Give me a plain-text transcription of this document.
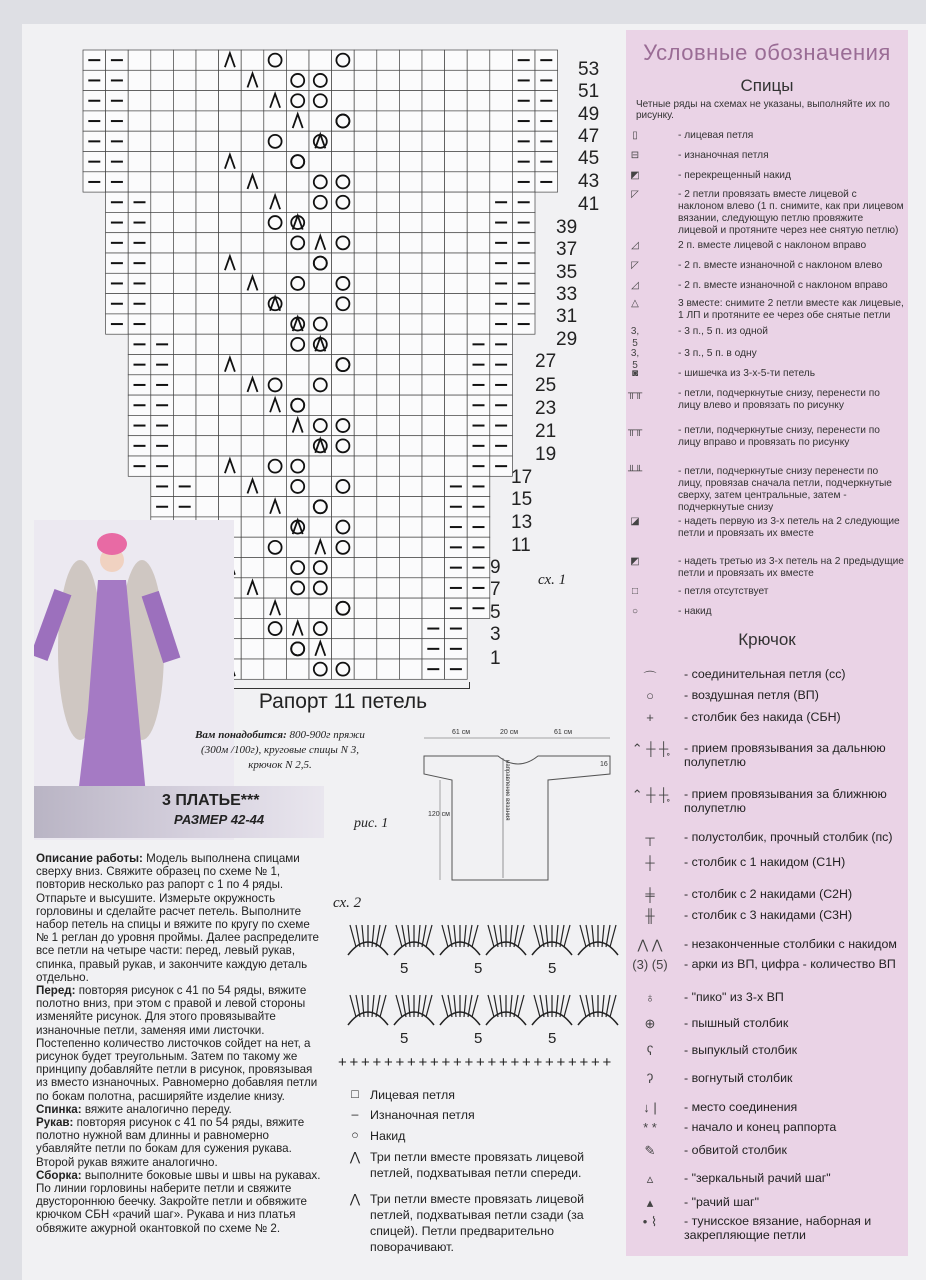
Условные обозначения
Спицы
Четные ряды на схемах не указаны, выполняйте их по рисунку.
▯	- лицевая петля
⊟	- изнаночная петля
◩	- перекрещенный накид
◸	- 2 петли провязать вместе лицевой с наклоном влево (1 п. снимите, как при лицевом вязании, следующую петлю провяжите лицевой и протяните через нее снятую петлю)
◿	2 п. вместе лицевой с наклоном вправо
◸	- 2 п. вместе изнаночной с наклоном влево
◿	- 2 п. вместе изнаночной с наклоном вправо
△	3 вместе: снимите 2 петли вместе как лицевые, 1 ЛП и протяните ее через обе снятые петли
3, 5
- 3 п., 5 п. из одной
3, 5
- 3 п., 5 п. в одну
◙	- шишечка из 3-х-5-ти петель
╥╥	- петли, подчеркнутые снизу, перенести по лицу влево и провязать по рисунку
╥╥	- петли, подчеркнутые снизу, перенести по лицу вправо и провязать по рисунку
╨╨	- петли, подчеркнутые снизу перенести по лицу, провязав сначала петли, подчеркнутые сверху, затем центральные, затем - подчеркнутые снизу
◪	- надеть первую из 3-х петель на 2 следующие петли и провязать их вместе
◩	- надеть третью из 3-х петель на 2 предыдущие петли и провязать их вместе
□	- петля отсутствует
○	- накид
Крючок
⌒	- соединительная петля (сс)
○	- воздушная петля (ВП)
+	- столбик без накида (СБН)
⌃ ┼ ┼̥	- прием провязывания за дальнюю полупетлю
⌃ ┼ ┼̥	- прием провязывания за ближнюю полупетлю
┬	- полустолбик, прочный столбик (пс)
┼	- столбик с 1 накидом (С1Н)
╪	- столбик с 2 накидами (С2Н)
╫	- столбик с 3 накидами (С3Н)
⋀ ⋀	- незаконченные столбики с накидом
(3) (5)	- арки из ВП, цифра - количество ВП
♁	- "пико" из 3-х ВП
⊕	- пышный столбик
ʕ	- выпуклый столбик
ʔ	- вогнутый столбик
↓ |	- место соединения
* *	- начало и конец раппорта
✎	- обвитой столбик
▵	- "зеркальный рачий шаг"
▴	- "рачий шаг"
• ⌇	- тунисское вязание, наборная и закрепляющие петли
53
51
49
47
45
43
41
39
37
35
33
31
29
27
25
23
21
19
17
15
13
11
9
7
5
3
1
сх. 1
Рапорт 11 петель
3 ПЛАТЬЕ***
РАЗМЕР 42-44
Вам понадобится: 800-900г пряжи (300м /100г), круговые спицы N 3, крючок N 2,5.
61 см	20 см	61 см
16
120 см	направление вязания
рис. 1
5	5	5
5	5	5
+ + + + + + + + + + + + + + + + + + + + + + + +
сх. 2

Описание работы: Модель выполнена спицами сверху вниз. Свяжите образец по схеме № 1, повторив несколько раз рапорт с 1 по 4 ряды. Отпарьте и высушите. Измерьте окружность горловины и сделайте расчет петель. Выполните набор петель на спицы и вяжите по кругу по схеме № 1 реглан до уровня проймы. Далее распределите все петли на четыре части: перед, левый рукав, спинка, правый рукав, и закончите каждую деталь отдельно.

Перед: повторяя рисунок с 41 по 54 ряды, вяжите полотно вниз, при этом с правой и левой стороны изменяйте рисунок. Для этого провязывайте изнаночные петли, заменяя ими листочки. Постепенно количество листочков сойдет на нет, а рисунок будет треугольным. Затем по такому же принципу добавляйте петли в рисунок, провязывая из вместо изнаночных. Равномерно добавляя петли по бокам полотна, расширяйте изделие книзу.

Спинка: вяжите аналогично переду.

Рукав: повторяя рисунок с 41 по 54 ряды, вяжите полотно нужной вам длинны и равномерно убавляйте петли по бокам для сужения рукава. Второй рукав вяжите аналогично.

Сборка: выполните боковые швы и швы на рукавах. По линии горловины наберите петли и свяжите двустороннюю беечку. Закройте петли и обвяжите крючком СБН «рачий шаг». Рукава и низ платья обвяжите ажурной окантовкой по схеме № 2.

□ Лицевая петля
– Изнаночная петля
○ Накид
⋀ Три петли вместе провязать лицевой петлей, подхватывая петли спереди.
⋀ Три петли вместе провязать лицевой петлей, подхватывая петли сзади (за спицей). Петли предварительно поворачивают.
